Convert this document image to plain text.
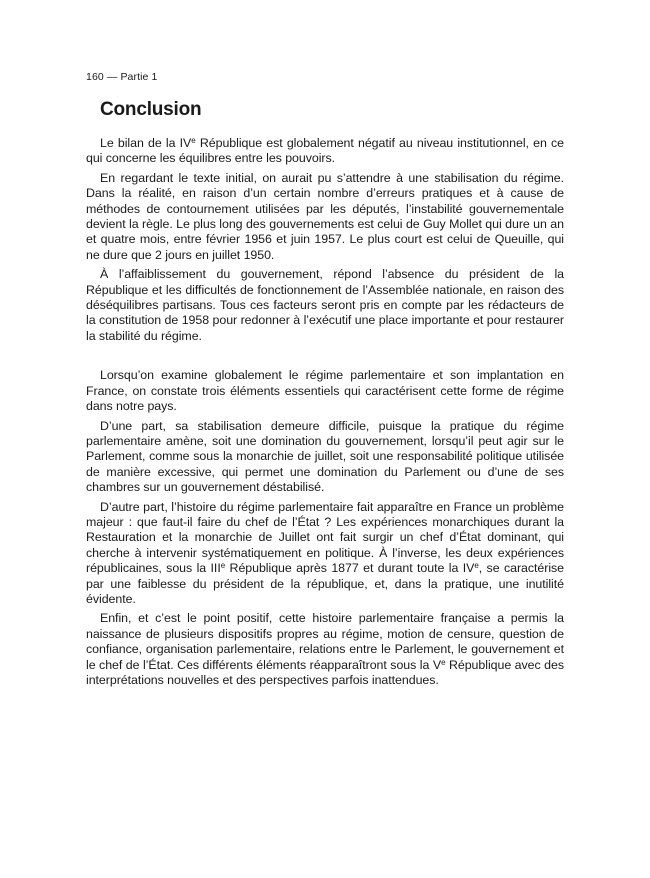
160 — Partie 1
Conclusion

Le bilan de la IVe République est globalement négatif au niveau institutionnel, en ce qui concerne les équilibres entre les pouvoirs.

En regardant le texte initial, on aurait pu s’attendre à une stabilisation du régime. Dans la réalité, en raison d’un certain nombre d’erreurs pratiques et à cause de méthodes de contournement utilisées par les députés, l’instabilité gouvernementale devient la règle. Le plus long des gouvernements est celui de Guy Mollet qui dure un an et quatre mois, entre février 1956 et juin 1957. Le plus court est celui de Queuille, qui ne dure que 2 jours en juillet 1950.

À l’affaiblissement du gouvernement, répond l’absence du président de la République et les difficultés de fonctionnement de l’Assemblée nationale, en raison des déséquilibres partisans. Tous ces facteurs seront pris en compte par les rédacteurs de la constitution de 1958 pour redonner à l’exécutif une place importante et pour restaurer la stabilité du régime.

Lorsqu’on examine globalement le régime parlementaire et son implantation en France, on constate trois éléments essentiels qui caractérisent cette forme de régime dans notre pays.

D’une part, sa stabilisation demeure difficile, puisque la pratique du régime parlementaire amène, soit une domination du gouvernement, lorsqu’il peut agir sur le Parlement, comme sous la monarchie de juillet, soit une responsabilité politique utilisée de manière excessive, qui permet une domination du Parlement ou d’une de ses chambres sur un gouvernement déstabilisé.

D’autre part, l’histoire du régime parlementaire fait apparaître en France un problème majeur : que faut-il faire du chef de l’État ? Les expériences monarchiques durant la Restauration et la monarchie de Juillet ont fait surgir un chef d’État dominant, qui cherche à intervenir systématiquement en politique. À l’inverse, les deux expériences républicaines, sous la IIIe République après 1877 et durant toute la IVe, se caractérise par une faiblesse du président de la république, et, dans la pratique, une inutilité évidente.

Enfin, et c’est le point positif, cette histoire parlementaire française a permis la naissance de plusieurs dispositifs propres au régime, motion de censure, question de confiance, organisation parlementaire, relations entre le Parlement, le gouvernement et le chef de l’État. Ces différents éléments réapparaîtront sous la Ve République avec des interprétations nouvelles et des perspectives parfois inattendues.
